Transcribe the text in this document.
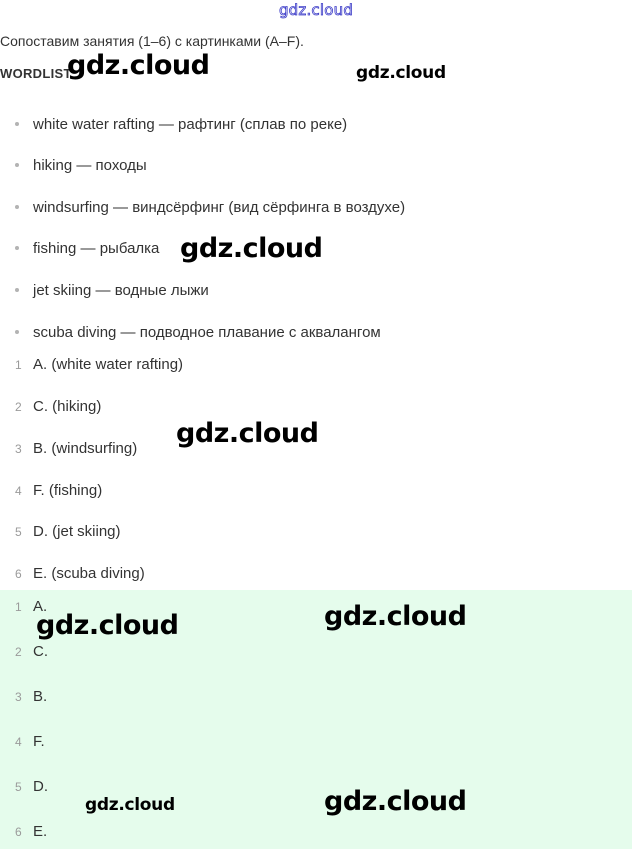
gdz.cloud
Сопоставим занятия (1–6) с картинками (A–F).
WORDLIST
white water rafting — рафтинг (сплав по реке)
hiking — походы
windsurfing — виндсёрфинг (вид сёрфинга в воздухе)
fishing — рыбалка
jet skiing — водные лыжи
scuba diving — подводное плавание с аквалангом
1 A. (white water rafting)
2 C. (hiking)
3 B. (windsurfing)
4 F. (fishing)
5 D. (jet skiing)
6 E. (scuba diving)
1 A.
2 C.
3 B.
4 F.
5 D.
6 E.
gdz.cloud	gdz.cloud
gdz.cloud
gdz.cloud
gdz.cloud	gdz.cloud
gdz.cloud	gdz.cloud
